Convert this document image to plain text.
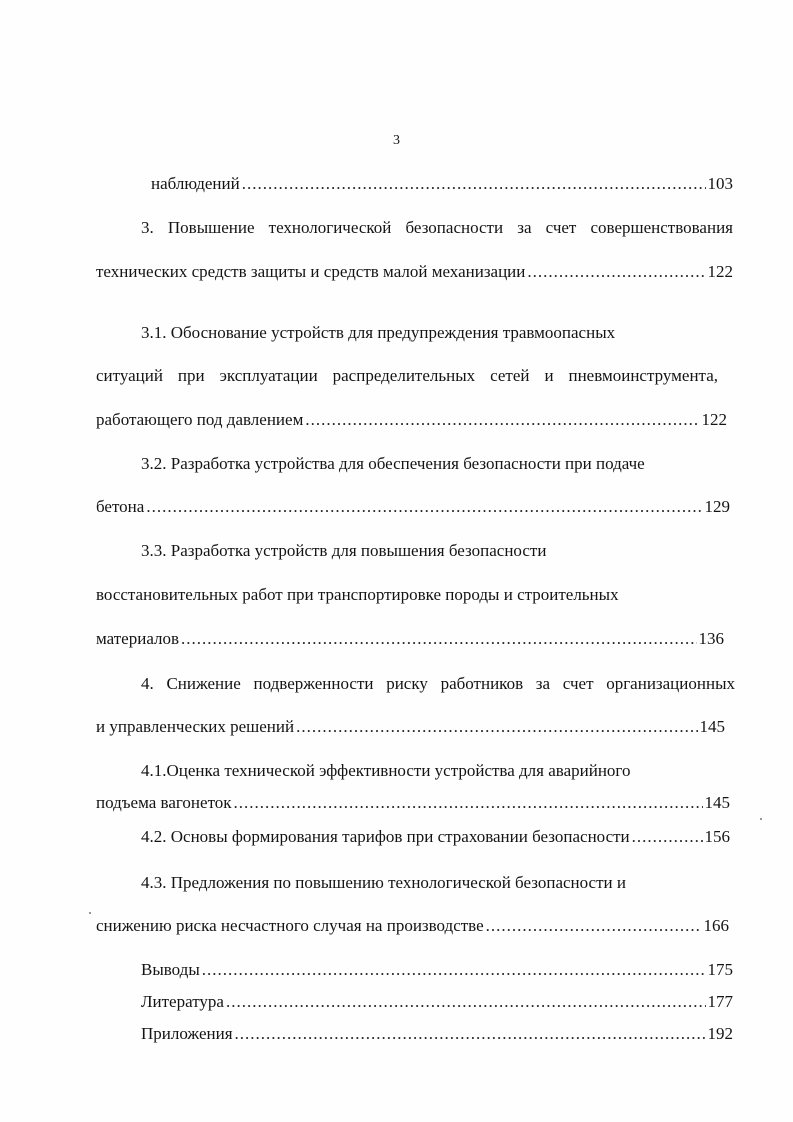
3
наблюдений .....	103
3. Повышение технологической безопасности за счет совершенствования
технических средств защиты и средств малой механизации .....	122
3.1. Обоснование устройств для предупреждения травмоопасных
ситуаций при эксплуатации распределительных сетей и пневмоинструмента,
работающего под давлением .....	122
3.2. Разработка устройства для обеспечения безопасности при подаче
бетона .....	129
3.3. Разработка устройств для повышения безопасности
восстановительных работ при транспортировке породы и строительных
материалов .....	136
4. Снижение подверженности риску работников за счет организационных
и управленческих решений .....	145
4.1.Оценка технической эффективности устройства для аварийного
подъема вагонеток .....	145
4.2. Основы формирования тарифов при страховании безопасности .....	156
4.3. Предложения по повышению технологической безопасности и
снижению риска несчастного случая на производстве .....	166
Выводы .....	175
Литература .....	177
Приложения .....	192
